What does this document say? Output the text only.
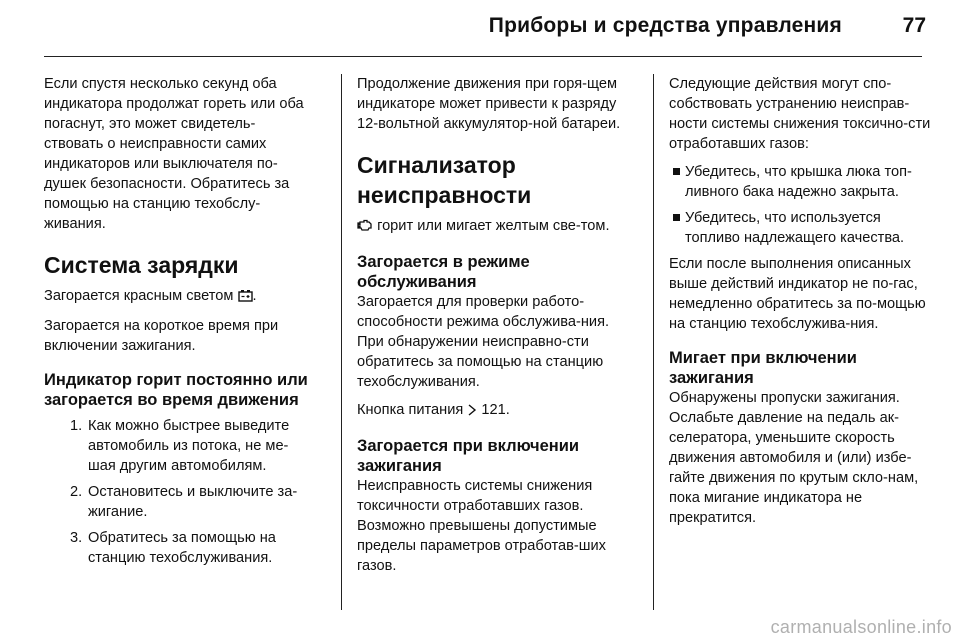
Приборы и средства управления	77

Если спустя несколько секунд оба индикатора продолжат гореть или оба погаснут, это может свидетель-ствовать о неисправности самих индикаторов или выключателя по-душек безопасности. Обратитесь за помощью на станцию техобслу-живания.

Система зарядки

Загорается красным светом .

Загорается на короткое время при включении зажигания.

Индикатор горит постоянно или загорается во время движения
1. Как можно быстрее выведите автомобиль из потока, не ме-шая другим автомобилям.
2. Остановитесь и выключите за-жигание.
3. Обратитесь за помощью на станцию техобслуживания.

Продолжение движения при горя-щем индикаторе может привести к разряду 12-вольтной аккумулятор-ной батареи.

Сигнализатор неисправности

горит или мигает желтым све-том.

Загорается в режиме обслуживания

Загорается для проверки работо-способности режима обслужива-ния. При обнаружении неисправно-сти обратитесь за помощью на станцию техобслуживания.

Кнопка питания 121.

Загорается при включении зажигания

Неисправность системы снижения токсичности отработавших газов. Возможно превышены допустимые пределы параметров отработав-ших газов.

Следующие действия могут спо-собствовать устранению неисправ-ности системы снижения токсично-сти отработавших газов:

Убедитесь, что крышка люка топ-ливного бака надежно закрыта.
Убедитесь, что используется топливо надлежащего качества.

Если после выполнения описанных выше действий индикатор не по-гас, немедленно обратитесь за по-мощью на станцию техобслужива-ния.

Мигает при включении зажигания

Обнаружены пропуски зажигания. Ослабьте давление на педаль ак-селератора, уменьшите скорость движения автомобиля и (или) избе-гайте движения по крутым скло-нам, пока мигание индикатора не прекратится.

carmanualsonline.info
